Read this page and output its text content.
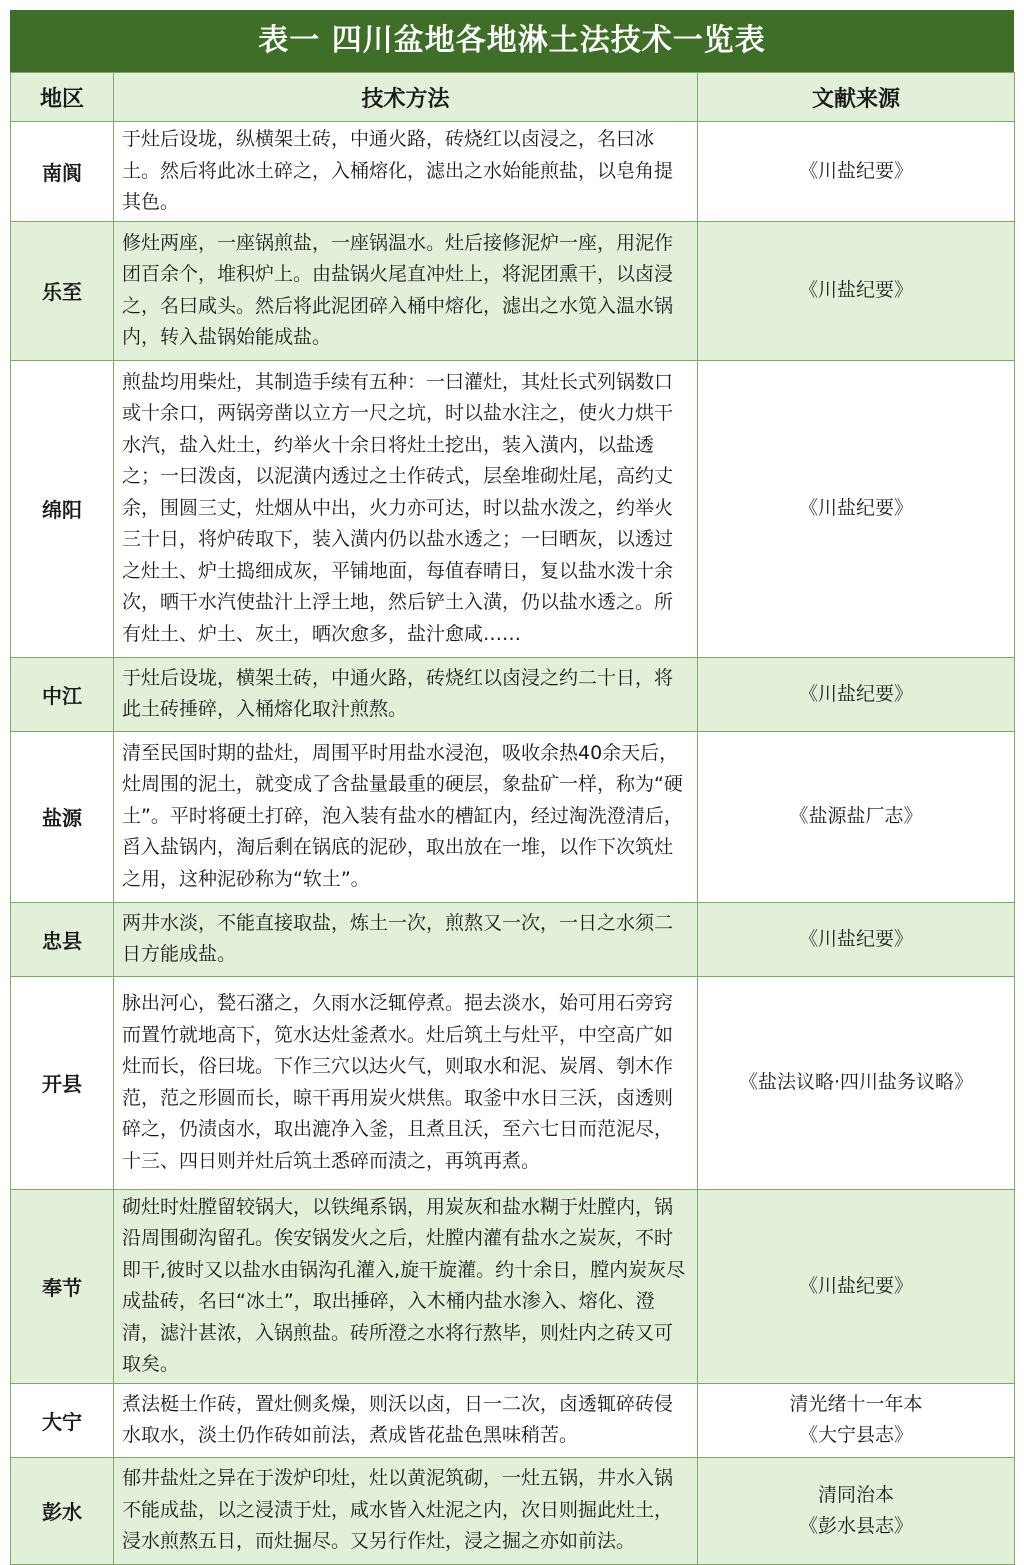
表一 四川盆地各地淋土法技术一览表
地区	技术方法	文献来源
南阆	于灶后设垅，纵横架土砖，中通火路，砖烧红以卤浸之，名曰冰土。然后将此冰土碎之，入桶熔化，滤出之水始能煎盐，以皂角提其色。	《川盐纪要》

乐至	修灶两座，一座锅煎盐，一座锅温水。灶后接修泥炉一座，用泥作团百余个，堆积炉上。由盐锅火尾直冲灶上，将泥团熏干，以卤浸之，名曰咸头。然后将此泥团碎入桶中熔化，滤出之水笕入温水锅内，转入盐锅始能成盐。	《川盐纪要》

绵阳	煎盐均用柴灶，其制造手续有五种：一曰灌灶，其灶长式列锅数口或十余口，两锅旁凿以立方一尺之坑，时以盐水注之，使火力烘干水汽，盐入灶土，约举火十余日将灶土挖出，装入潢内，以盐透之；一曰泼卤，以泥潢内透过之土作砖式，层垒堆砌灶尾，高约丈余，围圆三丈，灶烟从中出，火力亦可达，时以盐水泼之，约举火三十日，将炉砖取下，装入潢内仍以盐水透之；一曰晒灰，以透过之灶土、炉土捣细成灰，平铺地面，每值春晴日，复以盐水泼十余次，晒干水汽使盐汁上浮土地，然后铲土入潢，仍以盐水透之。所有灶土、炉土、灰土，晒次愈多，盐汁愈咸……	《川盐纪要》

中江	于灶后设垅，横架土砖，中通火路，砖烧红以卤浸之约二十日，将此土砖捶碎，入桶熔化取汁煎熬。	《川盐纪要》

盐源	清至民国时期的盐灶，周围平时用盐水浸泡，吸收余热40余天后，灶周围的泥土，就变成了含盐量最重的硬层，象盐矿一样，称为“硬土”。平时将硬土打碎，泡入装有盐水的槽缸内，经过淘洗澄清后，舀入盐锅内，淘后剩在锅底的泥砂，取出放在一堆，以作下次筑灶之用，这种泥砂称为“软土”。	《盐源盐厂志》

忠县	两井水淡，不能直接取盐，炼土一次，煎熬又一次，一日之水须二日方能成盐。	《川盐纪要》

开县	脉出河心，甃石潴之，久雨水泛辄停煮。挹去淡水，始可用石旁窍而置竹就地高下，笕水达灶釜煮水。灶后筑土与灶平，中空高广如灶而长，俗曰垅。下作三穴以达火气，则取水和泥、炭屑、刳木作范，范之形圆而长，晾干再用炭火烘焦。取釜中水日三沃，卤透则碎之，仍渍卤水，取出漉净入釜，且煮且沃，至六七日而范泥尽，十三、四日则并灶后筑土悉碎而渍之，再筑再煮。	《盐法议略·四川盐务议略》

奉节	砌灶时灶膛留较锅大，以铁绳系锅，用炭灰和盐水糊于灶膛内，锅沿周围砌沟留孔。俟安锅发火之后，灶膛内灌有盐水之炭灰，不时即干,彼时又以盐水由锅沟孔灌入,旋干旋灌。约十余日，膛内炭灰尽成盐砖，名曰“冰土”，取出捶碎，入木桶内盐水渗入、熔化、澄清，滤汁甚浓，入锅煎盐。砖所澄之水将行熬毕，则灶内之砖又可取矣。	《川盐纪要》

大宁	煮法梃土作砖，置灶侧炙燥，则沃以卤，日一二次，卤透辄碎砖侵水取水，淡土仍作砖如前法，煮成皆花盐色黑味稍苦。	清光绪十一年本
《大宁县志》

彭水	郁井盐灶之异在于泼炉印灶，灶以黄泥筑砌，一灶五锅，井水入锅不能成盐，以之浸渍于灶，咸水皆入灶泥之内，次日则掘此灶土，浸水煎熬五日，而灶掘尽。又另行作灶，浸之掘之亦如前法。	清同治本
《彭水县志》
